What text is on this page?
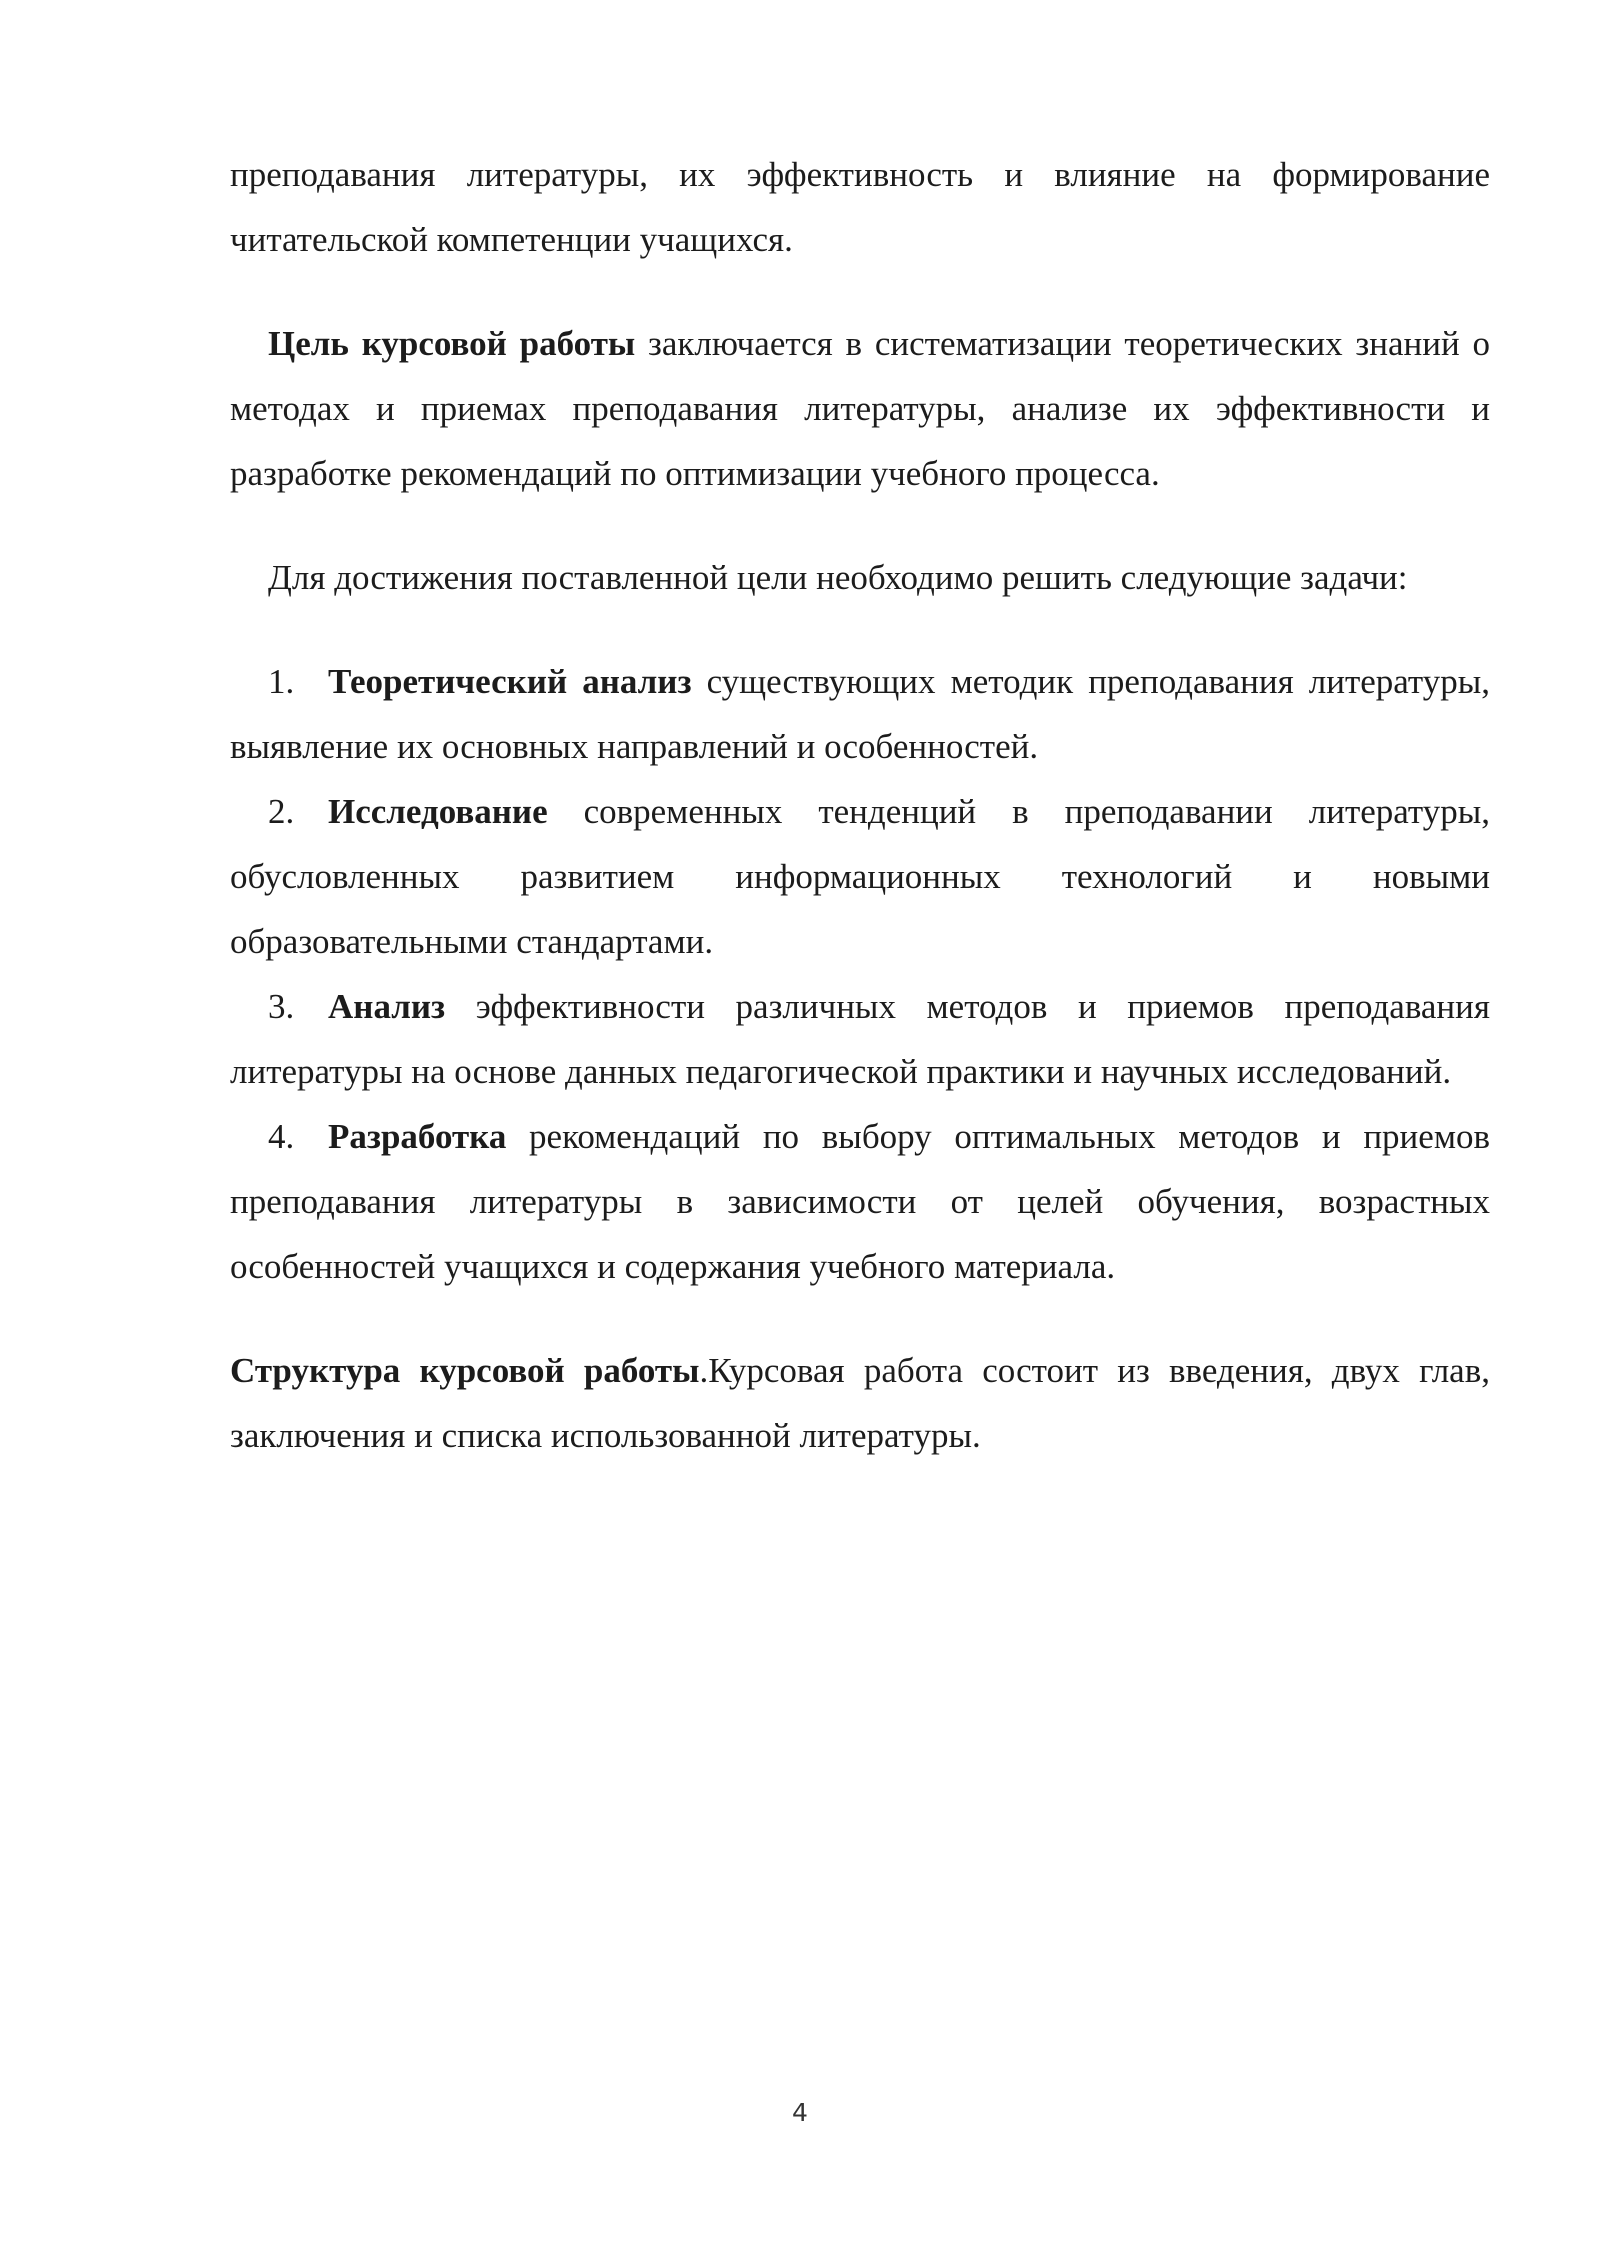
преподавания литературы, их эффективность и влияние на формирование читательской компетенции учащихся.

Цель курсовой работы заключается в систематизации теоретических знаний о методах и приемах преподавания литературы, анализе их эффективности и разработке рекомендаций по оптимизации учебного процесса.

Для достижения поставленной цели необходимо решить следующие задачи:

1. Теоретический анализ существующих методик преподавания литературы, выявление их основных направлений и особенностей.

2. Исследование современных тенденций в преподавании литературы, обусловленных развитием информационных технологий и новыми образовательными стандартами.

3. Анализ эффективности различных методов и приемов преподавания литературы на основе данных педагогической практики и научных исследований.

4. Разработка рекомендаций по выбору оптимальных методов и приемов преподавания литературы в зависимости от целей обучения, возрастных особенностей учащихся и содержания учебного материала.

Структура курсовой работы.Курсовая работа состоит из введения, двух глав, заключения и списка использованной литературы.

4
